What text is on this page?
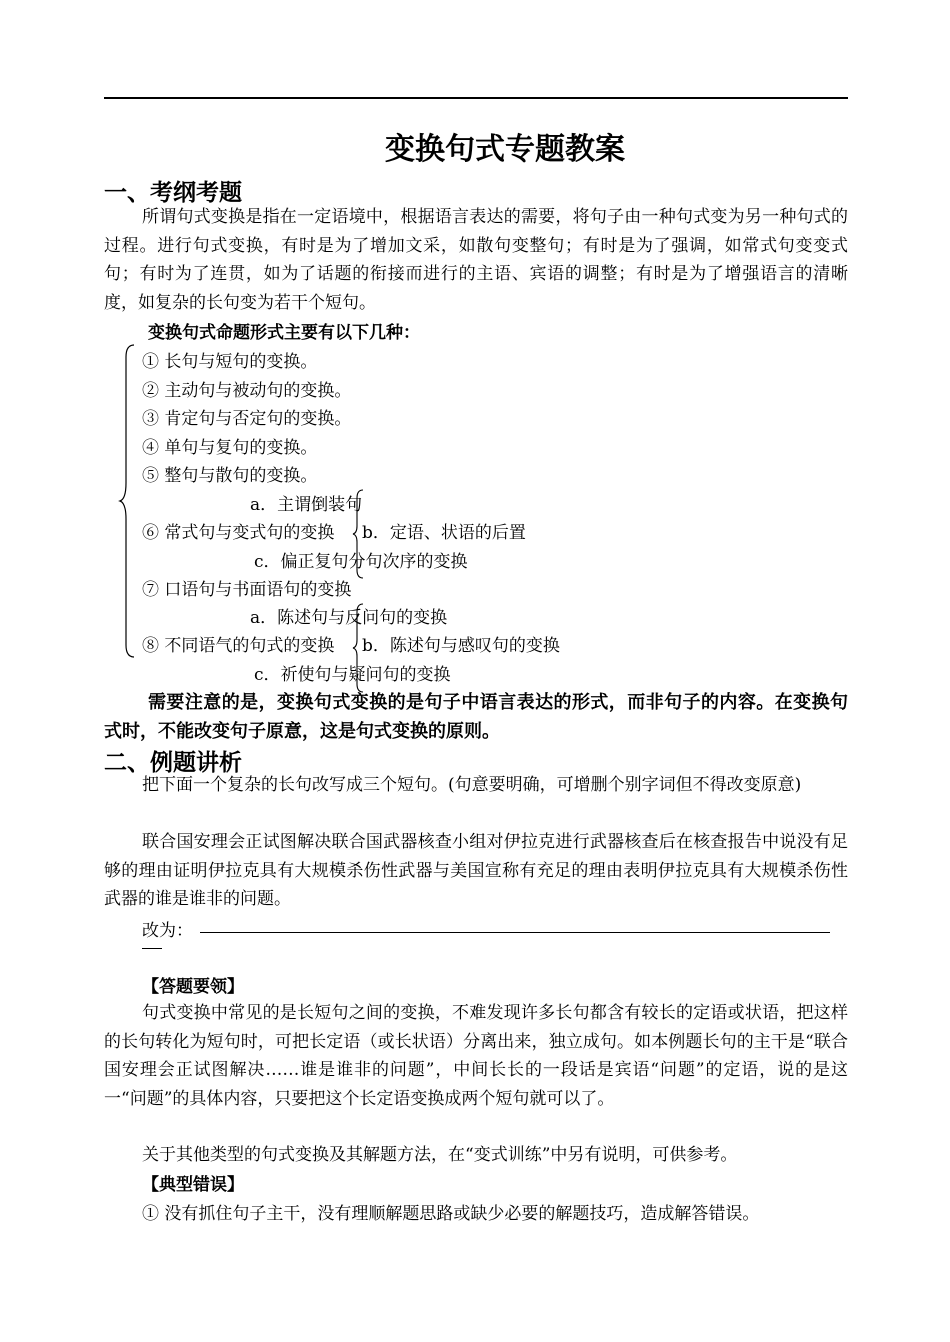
变换句式专题教案
一、考纲考题
所谓句式变换是指在一定语境中，根据语言表达的需要，将句子由一种句式变为另一种句式的过程。进行句式变换，有时是为了增加文采，如散句变整句；有时是为了强调，如常式句变变式句；有时为了连贯，如为了话题的衔接而进行的主语、宾语的调整；有时是为了增强语言的清晰度，如复杂的长句变为若干个短句。
变换句式命题形式主要有以下几种：
① 长句与短句的变换。
② 主动句与被动句的变换。
③ 肯定句与否定句的变换。
④ 单句与复句的变换。
⑤ 整句与散句的变换。
a．主谓倒装句
⑥ 常式句与变式句的变换 b．定语、状语的后置
c．偏正复句分句次序的变换
⑦ 口语句与书面语句的变换
a．陈述句与反问句的变换
⑧ 不同语气的句式的变换 b．陈述句与感叹句的变换
c．祈使句与疑问句的变换
需要注意的是，变换句式变换的是句子中语言表达的形式，而非句子的内容。在变换句式时，不能改变句子原意，这是句式变换的原则。
二、例题讲析
把下面一个复杂的长句改写成三个短句。(句意要明确，可增删个别字词但不得改变原意)
联合国安理会正试图解决联合国武器核查小组对伊拉克进行武器核查后在核查报告中说没有足够的理由证明伊拉克具有大规模杀伤性武器与美国宣称有充足的理由表明伊拉克具有大规模杀伤性武器的谁是谁非的问题。
改为：
【答题要领】
句式变换中常见的是长短句之间的变换，不难发现许多长句都含有较长的定语或状语，把这样的长句转化为短句时，可把长定语（或长状语）分离出来，独立成句。如本例题长句的主干是“联合国安理会正试图解决……谁是谁非的问题”，中间长长的一段话是宾语“问题”的定语，说的是这一“问题”的具体内容，只要把这个长定语变换成两个短句就可以了。
关于其他类型的句式变换及其解题方法，在“变式训练”中另有说明，可供参考。
【典型错误】
① 没有抓住句子主干，没有理顺解题思路或缺少必要的解题技巧，造成解答错误。
